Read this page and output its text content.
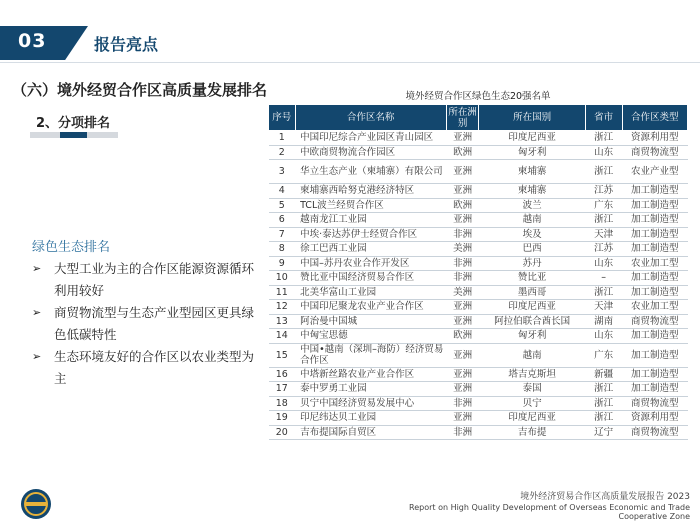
03	报告亮点
（六）境外经贸合作区高质量发展排名
2、分项排名
绿色生态排名
➢ 大型工业为主的合作区能源资源循环利用较好
➢ 商贸物流型与生态产业型园区更具绿色低碳特性
➢ 生态环境友好的合作区以农业类型为主
境外经贸合作区绿色生态20强名单
序号	合作区名称	所在洲别	所在国别	省市	合作区类型
1	中国印尼综合产业园区青山园区	亚洲	印度尼西亚	浙江	资源利用型
2	中欧商贸物流合作园区	欧洲	匈牙利	山东	商贸物流型
3	华立生态产业（柬埔寨）有限公司	亚洲	柬埔寨	浙江	农业产业型
4	柬埔寨西哈努克港经济特区	亚洲	柬埔寨	江苏	加工制造型
5	TCL波兰经贸合作区	欧洲	波兰	广东	加工制造型
6	越南龙江工业园	亚洲	越南	浙江	加工制造型
7	中埃·泰达苏伊士经贸合作区	非洲	埃及	天津	加工制造型
8	徐工巴西工业园	美洲	巴西	江苏	加工制造型
9	中国–苏丹农业合作开发区	非洲	苏丹	山东	农业加工型
10	赞比亚中国经济贸易合作区	非洲	赞比亚	–	加工制造型
11	北美华富山工业园	美洲	墨西哥	浙江	加工制造型
12	中国印尼聚龙农业产业合作区	亚洲	印度尼西亚	天津	农业加工型
13	阿治曼中国城	亚洲	阿拉伯联合酋长国	湖南	商贸物流型
14	中匈宝思德	欧洲	匈牙利	山东	加工制造型
15	中国•越南（深圳–海防）经济贸易合作区	亚洲	越南	广东	加工制造型
16	中塔新丝路农业产业合作区	亚洲	塔吉克斯坦	新疆	加工制造型
17	泰中罗勇工业园	亚洲	泰国	浙江	加工制造型
18	贝宁中国经济贸易发展中心	非洲	贝宁	浙江	商贸物流型
19	印尼纬达贝工业园	亚洲	印度尼西亚	浙江	资源利用型
20	吉布提国际自贸区	非洲	吉布提	辽宁	商贸物流型
境外经济贸易合作区高质量发展报告 2023
Report on High Quality Development of Overseas Economic and Trade Cooperative Zone
